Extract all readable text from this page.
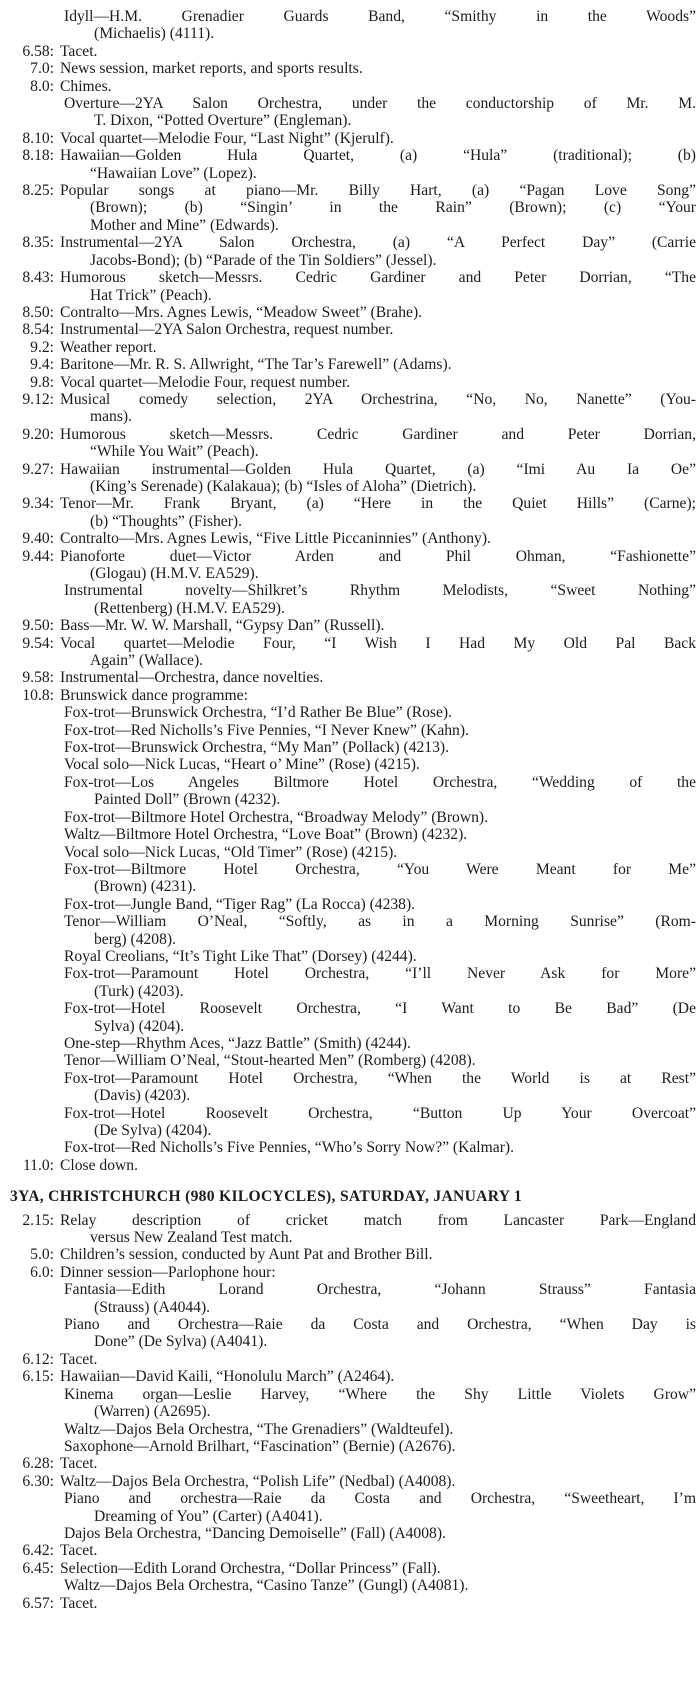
Idyll—H.M. Grenadier Guards Band, “Smithy in the Woods”
(Michaelis) (4111).
6.58: Tacet.
7.0: News session, market reports, and sports results.
8.0: Chimes.
Overture—2YA Salon Orchestra, under the conductorship of Mr. M.
T. Dixon, “Potted Overture” (Engleman).
8.10: Vocal quartet—Melodie Four, “Last Night” (Kjerulf).
8.18: Hawaiian—Golden Hula Quartet, (a) “Hula” (traditional); (b)
“Hawaiian Love” (Lopez).
8.25: Popular songs at piano—Mr. Billy Hart, (a) “Pagan Love Song”
(Brown); (b) “Singin’ in the Rain” (Brown); (c) “Your
Mother and Mine” (Edwards).
8.35: Instrumental—2YA Salon Orchestra, (a) “A Perfect Day” (Carrie
Jacobs-Bond); (b) “Parade of the Tin Soldiers” (Jessel).
8.43: Humorous sketch—Messrs. Cedric Gardiner and Peter Dorrian, “The
Hat Trick” (Peach).
8.50: Contralto—Mrs. Agnes Lewis, “Meadow Sweet” (Brahe).
8.54: Instrumental—2YA Salon Orchestra, request number.
9.2: Weather report.
9.4: Baritone—Mr. R. S. Allwright, “The Tar’s Farewell” (Adams).
9.8: Vocal quartet—Melodie Four, request number.
9.12: Musical comedy selection, 2YA Orchestrina, “No, No, Nanette” (You-
mans).
9.20: Humorous sketch—Messrs. Cedric Gardiner and Peter Dorrian,
“While You Wait” (Peach).
9.27: Hawaiian instrumental—Golden Hula Quartet, (a) “Imi Au Ia Oe”
(King’s Serenade) (Kalakaua); (b) “Isles of Aloha” (Dietrich).
9.34: Tenor—Mr. Frank Bryant, (a) “Here in the Quiet Hills” (Carne);
(b) “Thoughts” (Fisher).
9.40: Contralto—Mrs. Agnes Lewis, “Five Little Piccaninnies” (Anthony).
9.44: Pianoforte duet—Victor Arden and Phil Ohman, “Fashionette”
(Glogau) (H.M.V. EA529).
Instrumental novelty—Shilkret’s Rhythm Melodists, “Sweet Nothing”
(Rettenberg) (H.M.V. EA529).
9.50: Bass—Mr. W. W. Marshall, “Gypsy Dan” (Russell).
9.54: Vocal quartet—Melodie Four, “I Wish I Had My Old Pal Back
Again” (Wallace).
9.58: Instrumental—Orchestra, dance novelties.
10.8: Brunswick dance programme:
Fox-trot—Brunswick Orchestra, “I’d Rather Be Blue” (Rose).
Fox-trot—Red Nicholls’s Five Pennies, “I Never Knew” (Kahn).
Fox-trot—Brunswick Orchestra, “My Man” (Pollack) (4213).
Vocal solo—Nick Lucas, “Heart o’ Mine” (Rose) (4215).
Fox-trot—Los Angeles Biltmore Hotel Orchestra, “Wedding of the
Painted Doll” (Brown (4232).
Fox-trot—Biltmore Hotel Orchestra, “Broadway Melody” (Brown).
Waltz—Biltmore Hotel Orchestra, “Love Boat” (Brown) (4232).
Vocal solo—Nick Lucas, “Old Timer” (Rose) (4215).
Fox-trot—Biltmore Hotel Orchestra, “You Were Meant for Me”
(Brown) (4231).
Fox-trot—Jungle Band, “Tiger Rag” (La Rocca) (4238).
Tenor—William O’Neal, “Softly, as in a Morning Sunrise” (Rom-
berg) (4208).
Royal Creolians, “It’s Tight Like That” (Dorsey) (4244).
Fox-trot—Paramount Hotel Orchestra, “I’ll Never Ask for More”
(Turk) (4203).
Fox-trot—Hotel Roosevelt Orchestra, “I Want to Be Bad” (De
Sylva) (4204).
One-step—Rhythm Aces, “Jazz Battle” (Smith) (4244).
Tenor—William O’Neal, “Stout-hearted Men” (Romberg) (4208).
Fox-trot—Paramount Hotel Orchestra, “When the World is at Rest”
(Davis) (4203).
Fox-trot—Hotel Roosevelt Orchestra, “Button Up Your Overcoat”
(De Sylva) (4204).
Fox-trot—Red Nicholls’s Five Pennies, “Who’s Sorry Now?” (Kalmar).
11.0: Close down.
3YA, CHRISTCHURCH (980 KILOCYCLES), SATURDAY, JANUARY 1
2.15: Relay description of cricket match from Lancaster Park—England
versus New Zealand Test match.
5.0: Children’s session, conducted by Aunt Pat and Brother Bill.
6.0: Dinner session—Parlophone hour:
Fantasia—Edith Lorand Orchestra, “Johann Strauss” Fantasia
(Strauss) (A4044).
Piano and Orchestra—Raie da Costa and Orchestra, “When Day is
Done” (De Sylva) (A4041).
6.12: Tacet.
6.15: Hawaiian—David Kaili, “Honolulu March” (A2464).
Kinema organ—Leslie Harvey, “Where the Shy Little Violets Grow”
(Warren) (A2695).
Waltz—Dajos Bela Orchestra, “The Grenadiers” (Waldteufel).
Saxophone—Arnold Brilhart, “Fascination” (Bernie) (A2676).
6.28: Tacet.
6.30: Waltz—Dajos Bela Orchestra, “Polish Life” (Nedbal) (A4008).
Piano and orchestra—Raie da Costa and Orchestra, “Sweetheart, I’m
Dreaming of You” (Carter) (A4041).
Dajos Bela Orchestra, “Dancing Demoiselle” (Fall) (A4008).
6.42: Tacet.
6.45: Selection—Edith Lorand Orchestra, “Dollar Princess” (Fall).
Waltz—Dajos Bela Orchestra, “Casino Tanze” (Gungl) (A4081).
6.57: Tacet.
